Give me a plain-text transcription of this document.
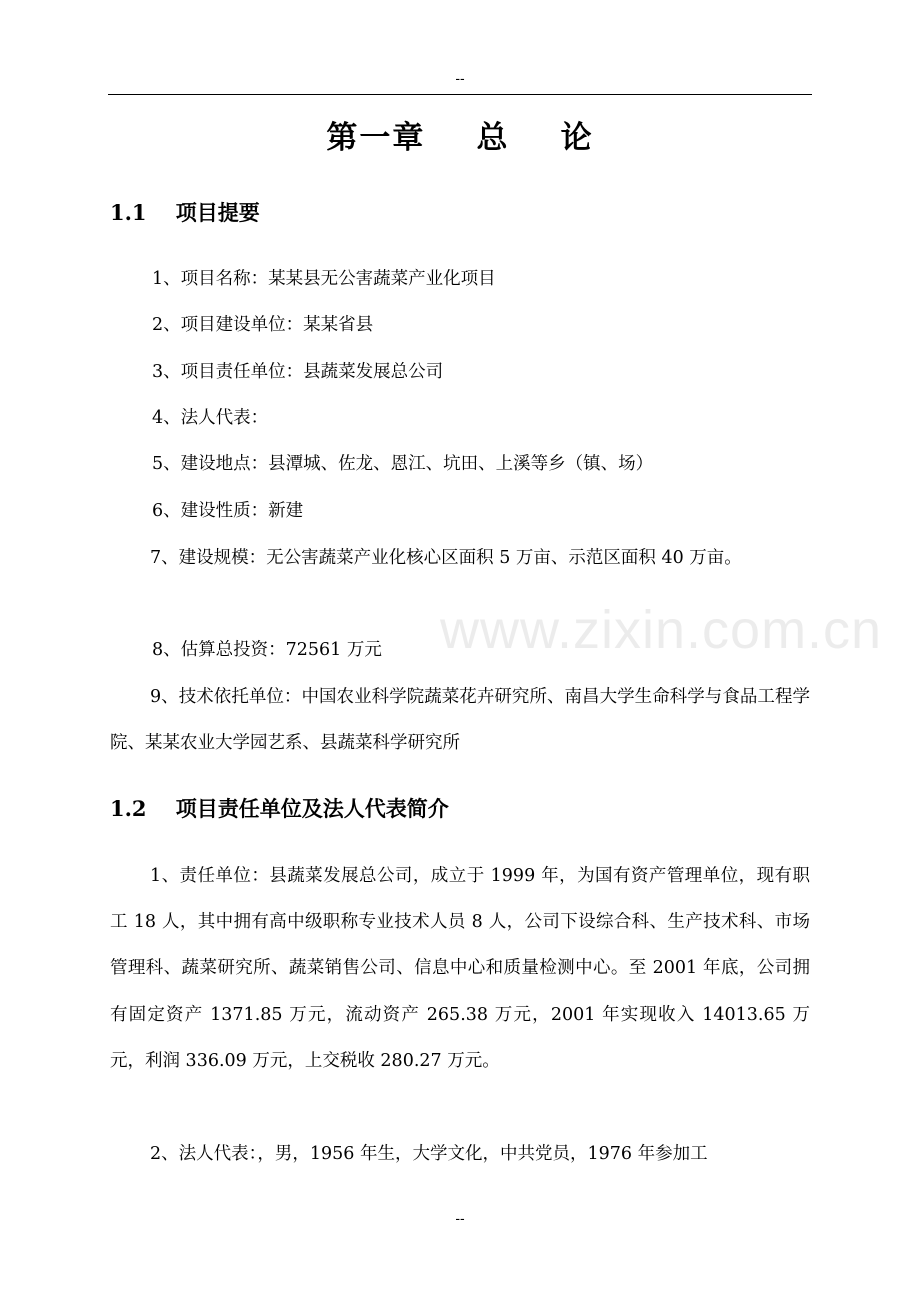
--
第一章    总    论
1.1    项目提要
1、项目名称：某某县无公害蔬菜产业化项目
2、项目建设单位：某某省县
3、项目责任单位：县蔬菜发展总公司
4、法人代表：
5、建设地点：县潭城、佐龙、恩江、坑田、上溪等乡（镇、场）
6、建设性质：新建

7、建设规模：无公害蔬菜产业化核心区面积 5 万亩、示范区面积 40 万亩。

8、估算总投资：72561 万元

9、技术依托单位：中国农业科学院蔬菜花卉研究所、南昌大学生命科学与食品工程学院、某某农业大学园艺系、县蔬菜科学研究所

1.2    项目责任单位及法人代表简介

1、责任单位：县蔬菜发展总公司，成立于 1999 年，为国有资产管理单位，现有职工 18 人，其中拥有高中级职称专业技术人员 8 人，公司下设综合科、生产技术科、市场管理科、蔬菜研究所、蔬菜销售公司、信息中心和质量检测中心。至 2001 年底，公司拥有固定资产 1371.85 万元，流动资产 265.38 万元，2001 年实现收入 14013.65 万元，利润 336.09 万元，上交税收 280.27 万元。

2、法人代表：，男，1956 年生，大学文化，中共党员，1976 年参加工

www.zixin.com.cn
--
